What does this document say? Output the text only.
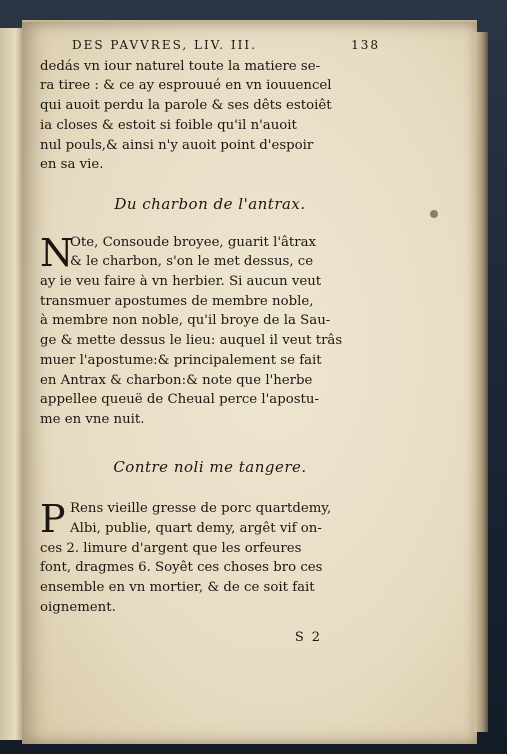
DES PAVVRES, LIV. III.	138
dedás vn iour naturel toute la matiere se-
ra tiree : & ce ay esprouué en vn iouuencel
qui auoit perdu la parole & ses dêts estoiêt
ia closes & estoit si foible qu'il n'auoit
nul pouls,& ainsi n'y auoit point d'espoir
en sa vie.
Du charbon de l'antrax.
N
Ote, Consoude broyee, guarit l'âtrax
& le charbon, s'on le met dessus, ce
ay ie veu faire à vn herbier. Si aucun veut
transmuer apostumes de membre noble,
à membre non noble, qu'il broye de la Sau-
ge & mette dessus le lieu: auquel il veut trâs
muer l'apostume:& principalement se fait
en Antrax & charbon:& note que l'herbe
appellee queuë de Cheual perce l'apostu-
me en vne nuit.
Contre noli me tangere.
P Rens vieille gresse de porc quartdemy,
Albi, publie, quart demy, argêt vif on-
ces 2. limure d'argent que les orfeures
font, dragmes 6. Soyêt ces choses bro ces
ensemble en vn mortier, & de ce soit fait
oignement.
S 2
